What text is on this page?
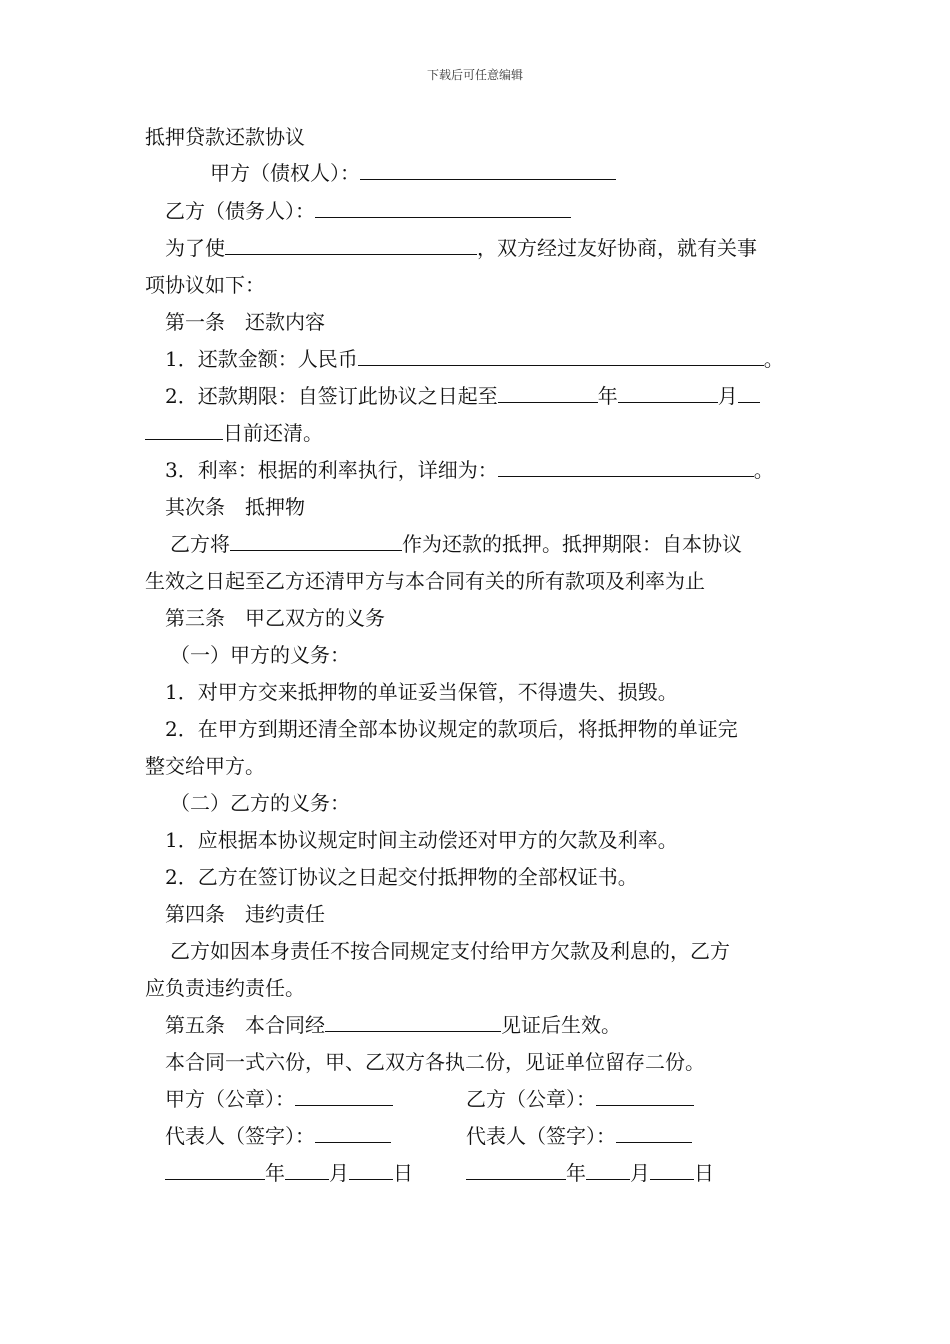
下载后可任意编辑
抵押贷款还款协议
甲方（债权人）：
乙方（债务人）：
为了使	，双方经过友好协商，就有关事
项协议如下：
第一条　还款内容
1．还款金额：人民币	。
2．还款期限：自签订此协议之日起至	年	月
日前还清。
3．利率：根据的利率执行，详细为：	。
其次条　抵押物
乙方将	作为还款的抵押。抵押期限：自本协议
生效之日起至乙方还清甲方与本合同有关的所有款项及利率为止
第三条　甲乙双方的义务
（一）甲方的义务：
1．对甲方交来抵押物的单证妥当保管，不得遗失、损毁。
2．在甲方到期还清全部本协议规定的款项后，将抵押物的单证完
整交给甲方。
（二）乙方的义务：
1．应根据本协议规定时间主动偿还对甲方的欠款及利率。
2．乙方在签订协议之日起交付抵押物的全部权证书。
第四条　违约责任
乙方如因本身责任不按合同规定支付给甲方欠款及利息的，乙方
应负责违约责任。
第五条　本合同经	见证后生效。
本合同一式六份，甲、乙双方各执二份，见证单位留存二份。
甲方（公章）：	乙方（公章）：
代表人（签字）：	代表人（签字）：
年 月 日	年 月 日
